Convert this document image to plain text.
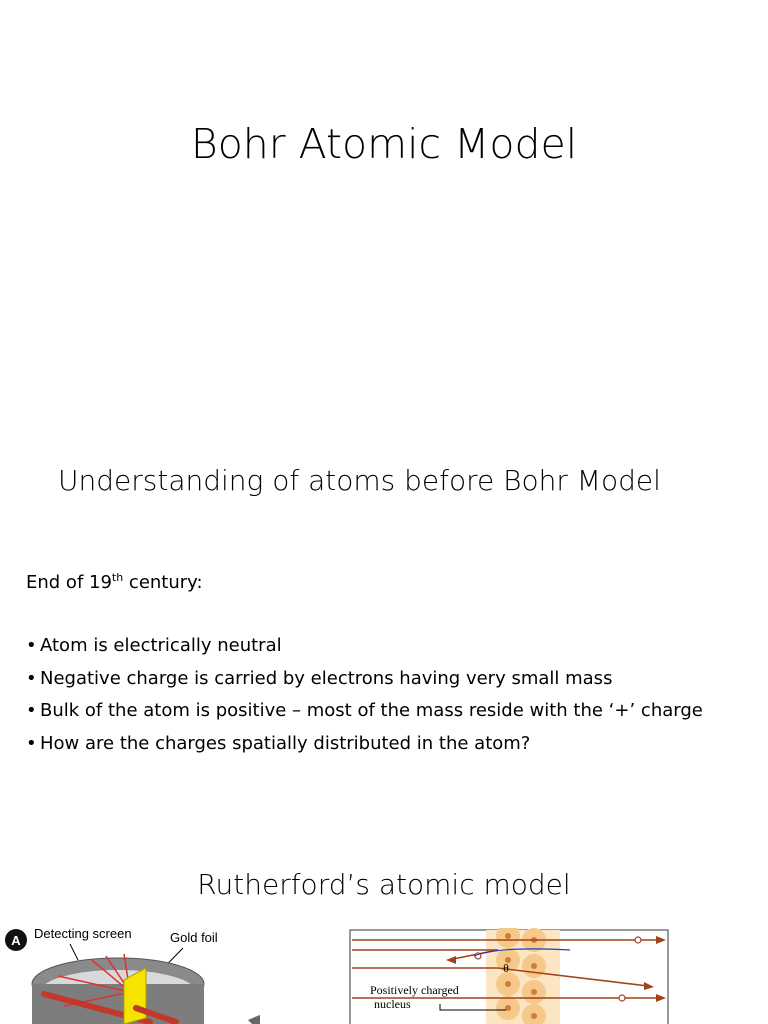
Bohr Atomic Model
Understanding of atoms before Bohr Model
End of 19th century:
• Atom is electrically neutral
• Negative charge is carried by electrons having very small mass
• Bulk of the atom is positive – most of the mass reside with the ‘+’ charge
• How are the charges spatially distributed in the atom?
Rutherford’s atomic model
A Detecting screen	Gold foil
θ
Positively charged
nucleus
